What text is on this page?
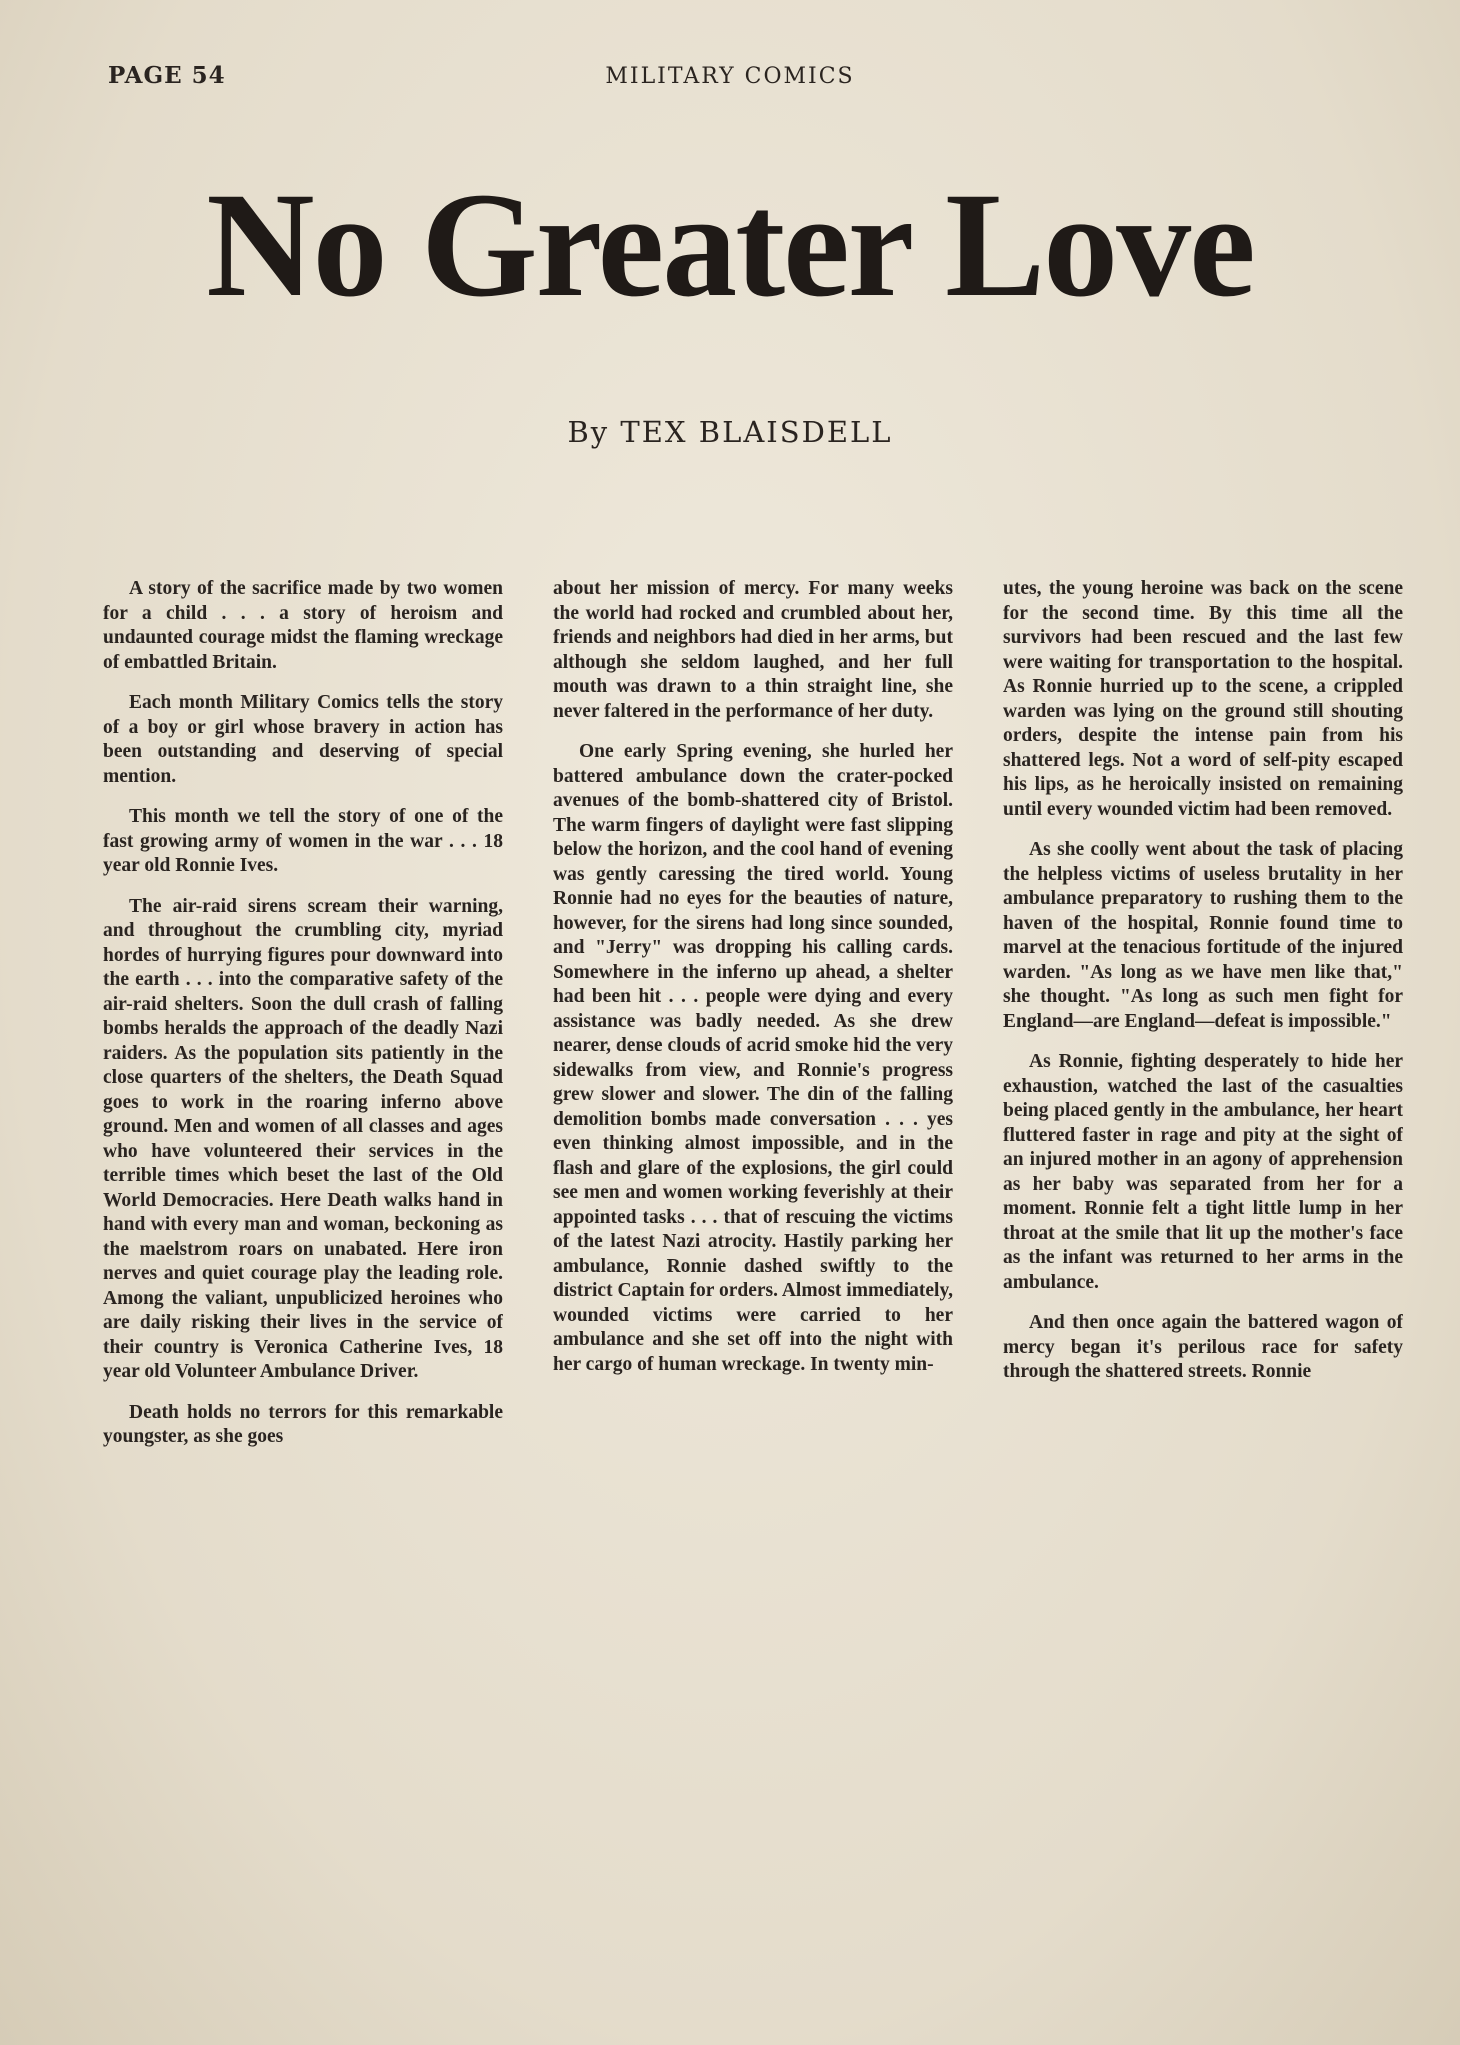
PAGE 54	MILITARY COMICS
No Greater Love
By TEX BLAISDELL

A story of the sacrifice made by two women for a child . . . a story of heroism and undaunted courage midst the flaming wreckage of embattled Britain.

Each month Military Comics tells the story of a boy or girl whose bravery in action has been outstanding and deserving of special mention.

This month we tell the story of one of the fast growing army of women in the war . . . 18 year old Ronnie Ives.

The air-raid sirens scream their warning, and throughout the crumbling city, myriad hordes of hurrying figures pour downward into the earth . . . into the comparative safety of the air-raid shelters. Soon the dull crash of falling bombs heralds the approach of the deadly Nazi raiders. As the population sits patiently in the close quarters of the shelters, the Death Squad goes to work in the roaring inferno above ground. Men and women of all classes and ages who have volunteered their services in the terrible times which beset the last of the Old World Democracies. Here Death walks hand in hand with every man and woman, beckoning as the maelstrom roars on unabated. Here iron nerves and quiet courage play the leading role. Among the valiant, unpublicized heroines who are daily risking their lives in the service of their country is Veronica Catherine Ives, 18 year old Volunteer Ambulance Driver.

Death holds no terrors for this remarkable youngster, as she goes

about her mission of mercy. For many weeks the world had rocked and crumbled about her, friends and neighbors had died in her arms, but although she seldom laughed, and her full mouth was drawn to a thin straight line, she never faltered in the performance of her duty.

One early Spring evening, she hurled her battered ambulance down the crater-pocked avenues of the bomb-shattered city of Bristol. The warm fingers of daylight were fast slipping below the horizon, and the cool hand of evening was gently caressing the tired world. Young Ronnie had no eyes for the beauties of nature, however, for the sirens had long since sounded, and "Jerry" was dropping his calling cards. Somewhere in the inferno up ahead, a shelter had been hit . . . people were dying and every assistance was badly needed. As she drew nearer, dense clouds of acrid smoke hid the very sidewalks from view, and Ronnie's progress grew slower and slower. The din of the falling demolition bombs made conversation . . . yes even thinking almost impossible, and in the flash and glare of the explosions, the girl could see men and women working feverishly at their appointed tasks . . . that of rescuing the victims of the latest Nazi atrocity. Hastily parking her ambulance, Ronnie dashed swiftly to the district Captain for orders. Almost immediately, wounded victims were carried to her ambulance and she set off into the night with her cargo of human wreckage. In twenty min-

utes, the young heroine was back on the scene for the second time. By this time all the survivors had been rescued and the last few were waiting for transportation to the hospital. As Ronnie hurried up to the scene, a crippled warden was lying on the ground still shouting orders, despite the intense pain from his shattered legs. Not a word of self-pity escaped his lips, as he heroically insisted on remaining until every wounded victim had been removed.

As she coolly went about the task of placing the helpless victims of useless brutality in her ambulance preparatory to rushing them to the haven of the hospital, Ronnie found time to marvel at the tenacious fortitude of the injured warden. "As long as we have men like that," she thought. "As long as such men fight for England—are England—defeat is impossible."

As Ronnie, fighting desperately to hide her exhaustion, watched the last of the casualties being placed gently in the ambulance, her heart fluttered faster in rage and pity at the sight of an injured mother in an agony of apprehension as her baby was separated from her for a moment. Ronnie felt a tight little lump in her throat at the smile that lit up the mother's face as the infant was returned to her arms in the ambulance.

And then once again the battered wagon of mercy began it's perilous race for safety through the shattered streets. Ronnie
